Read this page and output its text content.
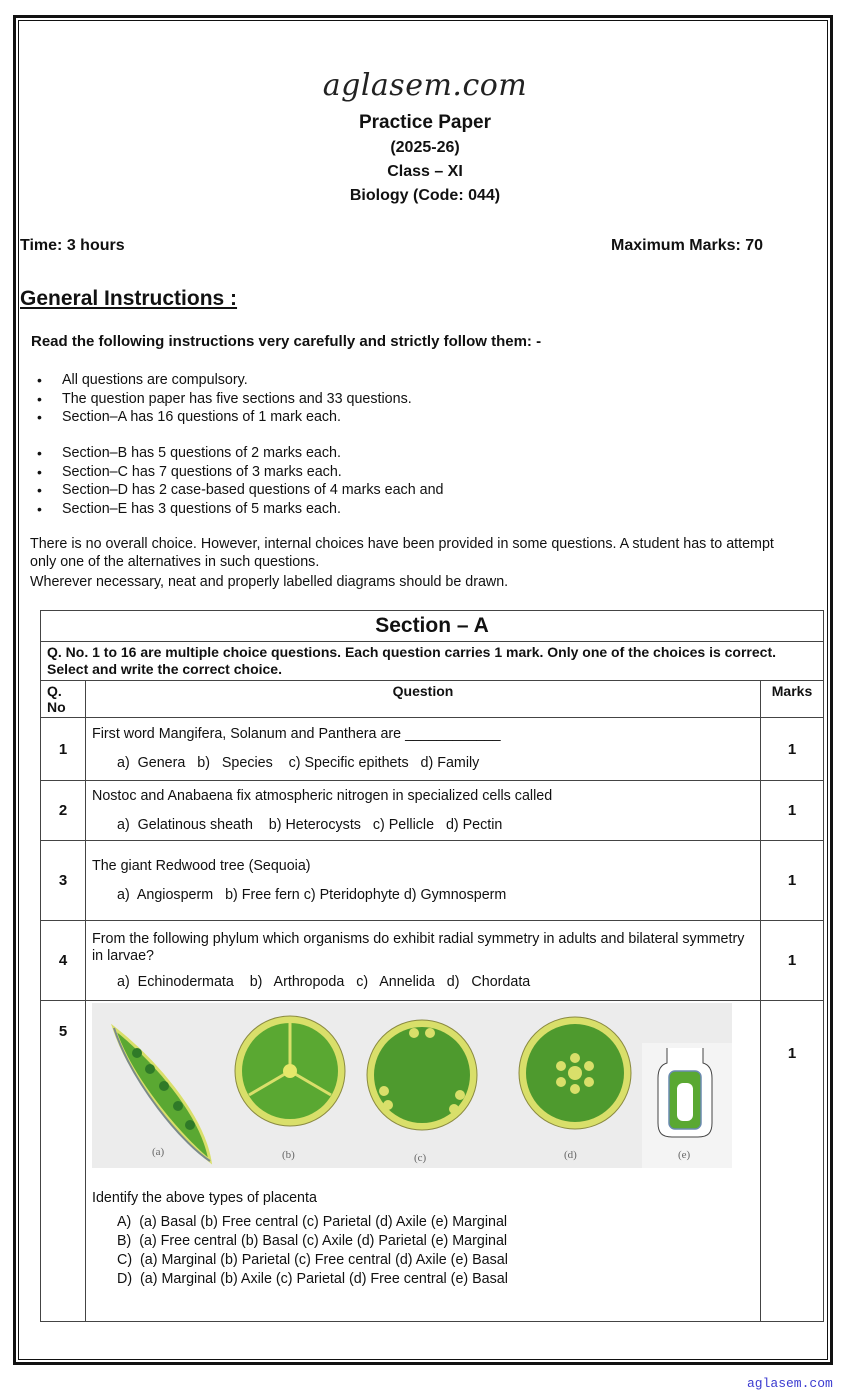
aglasem.com
Practice Paper
(2025-26)
Class – XI
Biology (Code: 044)
Time: 3 hours	Maximum Marks: 70
General Instructions :
Read the following instructions very carefully and strictly follow them: -
• All questions are compulsory.
• The question paper has five sections and 33 questions.
• Section–A has 16 questions of 1 mark each.
• Section–B has 5 questions of 2 marks each.
• Section–C has 7 questions of 3 marks each.
• Section–D has 2 case-based questions of 4 marks each and
• Section–E has 3 questions of 5 marks each.
There is no overall choice. However, internal choices have been provided in some questions. A student has to attempt only one of the alternatives in such questions.
Wherever necessary, neat and properly labelled diagrams should be drawn.
Section – A		
Q. No. 1 to 16 are multiple choice questions. Each question carries 1 mark. Only one of the choices is correct. Select and write the correct choice.		
Q. No	Question	Marks
1	First word Mangifera, Solanum and Panthera are ____________
a)  Genera   b)   Species    c) Specific epithets   d) Family	1
2	Nostoc and Anabaena fix atmospheric nitrogen in specialized cells called
a)  Gelatinous sheath    b) Heterocysts   c) Pellicle   d) Pectin	1
3	The giant Redwood tree (Sequoia)
a)  Angiosperm   b) Free fern c) Pteridophyte d) Gymnosperm	1
4	From the following phylum which organisms do exhibit radial symmetry in adults and bilateral symmetry in larvae?
a)  Echinodermata    b)   Arthropoda   c)   Annelida   d)   Chordata	1
5	
(a)	(b)	(c)	(d)	(e)
Identify the above types of placenta
A)  (a) Basal (b) Free central (c) Parietal (d) Axile (e) Marginal
B)  (a) Free central (b) Basal (c) Axile (d) Parietal (e) Marginal
C)  (a) Marginal (b) Parietal (c) Free central (d) Axile (e) Basal
D)  (a) Marginal (b) Axile (c) Parietal (d) Free central (e) Basal
	1
aglasem.com
